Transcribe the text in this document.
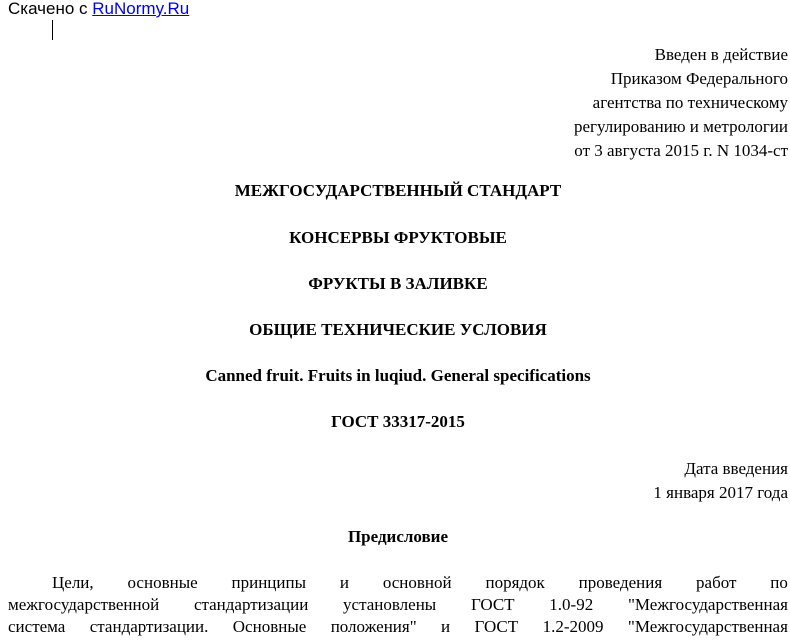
Скачено с RuNormy.Ru
Введен в действие
Приказом Федерального
агентства по техническому
регулированию и метрологии
от 3 августа 2015 г. N 1034-ст
МЕЖГОСУДАРСТВЕННЫЙ СТАНДАРТ
КОНСЕРВЫ ФРУКТОВЫЕ
ФРУКТЫ В ЗАЛИВКЕ
ОБЩИЕ ТЕХНИЧЕСКИЕ УСЛОВИЯ
Canned fruit. Fruits in luqiud. General specifications
ГОСТ 33317-2015
Дата введения
1 января 2017 года
Предисловие
Цели, основные принципы и основной порядок проведения работ по
межгосударственной стандартизации установлены ГОСТ 1.0-92 "Межгосударственная
система стандартизации. Основные положения" и ГОСТ 1.2-2009 "Межгосударственная
